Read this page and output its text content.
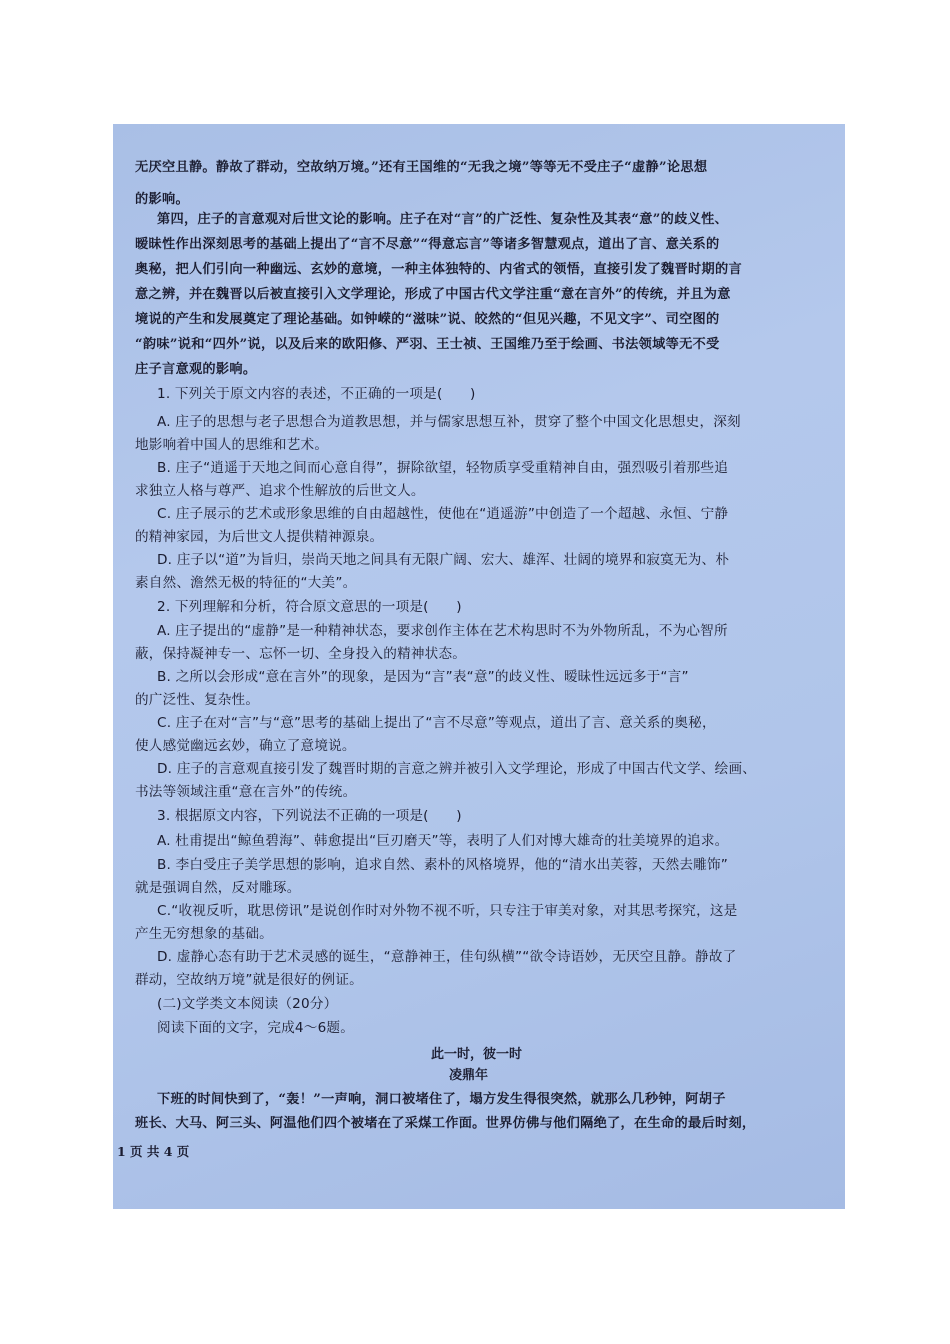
无厌空且静。静故了群动，空故纳万境。”还有王国维的“无我之境”等等无不受庄子“虚静”论思想
的影响。
第四，庄子的言意观对后世文论的影响。庄子在对“言”的广泛性、复杂性及其表“意”的歧义性、
暧昧性作出深刻思考的基础上提出了“言不尽意”“得意忘言”等诸多智慧观点，道出了言、意关系的
奥秘，把人们引向一种幽远、玄妙的意境，一种主体独特的、内省式的领悟，直接引发了魏晋时期的言
意之辨，并在魏晋以后被直接引入文学理论，形成了中国古代文学注重“意在言外”的传统，并且为意
境说的产生和发展奠定了理论基础。如钟嵘的“滋味”说、皎然的“但见兴趣，不见文字”、司空图的
“韵味”说和“四外”说，以及后来的欧阳修、严羽、王士祯、王国维乃至于绘画、书法领域等无不受
庄子言意观的影响。
1. 下列关于原文内容的表述，不正确的一项是(　　)
A. 庄子的思想与老子思想合为道教思想，并与儒家思想互补，贯穿了整个中国文化思想史，深刻
地影响着中国人的思维和艺术。
B. 庄子“逍遥于天地之间而心意自得”，摒除欲望，轻物质享受重精神自由，强烈吸引着那些追
求独立人格与尊严、追求个性解放的后世文人。
C. 庄子展示的艺术或形象思维的自由超越性，使他在“逍遥游”中创造了一个超越、永恒、宁静
的精神家园，为后世文人提供精神源泉。
D. 庄子以“道”为旨归，崇尚天地之间具有无限广阔、宏大、雄浑、壮阔的境界和寂寞无为、朴
素自然、澹然无极的特征的“大美”。
2. 下列理解和分析，符合原文意思的一项是(　　)
A. 庄子提出的“虚静”是一种精神状态，要求创作主体在艺术构思时不为外物所乱，不为心智所
蔽，保持凝神专一、忘怀一切、全身投入的精神状态。
B. 之所以会形成“意在言外”的现象，是因为“言”表“意”的歧义性、暧昧性远远多于“言”
的广泛性、复杂性。
C. 庄子在对“言”与“意”思考的基础上提出了“言不尽意”等观点，道出了言、意关系的奥秘，
使人感觉幽远玄妙，确立了意境说。
D. 庄子的言意观直接引发了魏晋时期的言意之辨并被引入文学理论，形成了中国古代文学、绘画、
书法等领域注重“意在言外”的传统。
3. 根据原文内容，下列说法不正确的一项是(　　)
A. 杜甫提出“鲸鱼碧海”、韩愈提出“巨刃磨天”等，表明了人们对博大雄奇的壮美境界的追求。
B. 李白受庄子美学思想的影响，追求自然、素朴的风格境界，他的“清水出芙蓉，天然去雕饰”
就是强调自然，反对雕琢。
C.“收视反听，耽思傍讯”是说创作时对外物不视不听，只专注于审美对象，对其思考探究，这是
产生无穷想象的基础。
D. 虚静心态有助于艺术灵感的诞生，“意静神王，佳句纵横”“欲令诗语妙，无厌空且静。静故了
群动，空故纳万境”就是很好的例证。
(二)文学类文本阅读（20分）
阅读下面的文字，完成4～6题。
此一时，彼一时
凌鼎年
下班的时间快到了，“轰！”一声响，洞口被堵住了，塌方发生得很突然，就那么几秒钟，阿胡子
班长、大马、阿三头、阿温他们四个被堵在了采煤工作面。世界仿佛与他们隔绝了，在生命的最后时刻，
1 页 共 4 页
